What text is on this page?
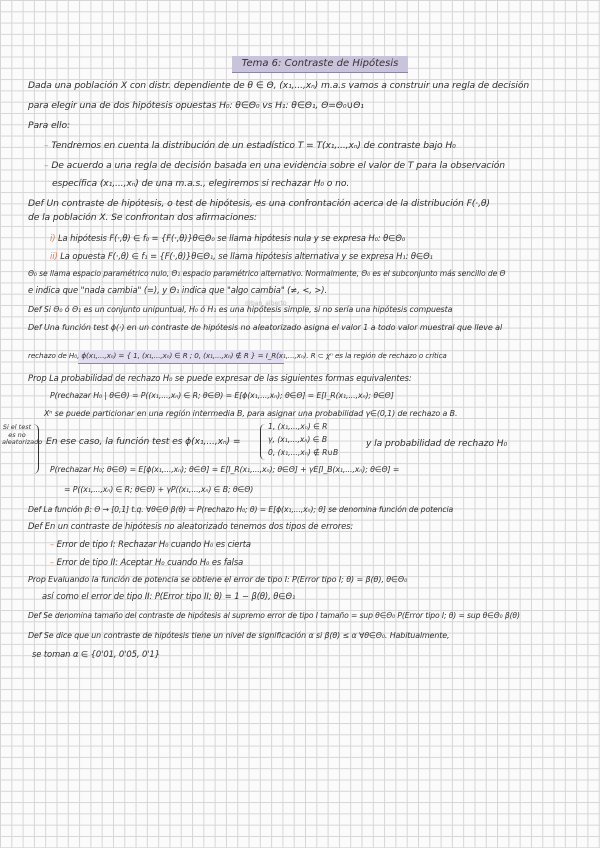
Tema 6: Contraste de Hipótesis
@ban_alberto
Dada una población X con distr. dependiente de θ ∈ Θ, (x₁,...,xₙ) m.a.s vamos a construir una regla de decisión
para elegir una de dos hipótesis opuestas H₀: θ∈Θ₀ vs H₁: θ∈Θ₁, Θ=Θ₀∪Θ₁
Para ello:
– Tendremos en cuenta la distribución de un estadístico T = T(x₁,...,xₙ) de contraste bajo H₀
– De acuerdo a una regla de decisión basada en una evidencia sobre el valor de T para la observación
específica (x₁,...,xₙ) de una m.a.s., elegiremos si rechazar H₀ o no.
Def Un contraste de hipótesis, o test de hipótesis, es una confrontación acerca de la distribución F(·,θ)
de la población X. Se confrontan dos afirmaciones:
i) La hipótesis F(·,θ) ∈ f₀ = {F(·,θ)}θ∈Θ₀ se llama hipótesis nula y se expresa H₀: θ∈Θ₀
ii) La opuesta F(·,θ) ∈ f₁ = {F(·,θ)}θ∈Θ₁, se llama hipótesis alternativa y se expresa H₁: θ∈Θ₁
Θ₀ se llama espacio paramétrico nulo, Θ₁ espacio paramétrico alternativo. Normalmente, Θ₀ es el subconjunto más sencillo de Θ
e indica que "nada cambia" (=), y Θ₁ indica que "algo cambia" (≠, <, >).
Def Si Θ₀ ó Θ₁ es un conjunto unipuntual, H₀ ó H₁ es una hipótesis simple, si no sería una hipótesis compuesta
Def Una función test ϕ(·) en un contraste de hipótesis no aleatorizado asigna el valor 1 a todo valor muestral que lleve al
rechazo de H₀, ϕ(x₁,...,xₙ) = { 1, (x₁,...,xₙ) ∈ R ; 0, (x₁,...,xₙ) ∉ R } = I_R(x₁,...,xₙ). R ⊂ χⁿ es la región de rechazo o crítica
Prop La probabilidad de rechazo H₀ se puede expresar de las siguientes formas equivalentes:
P(rechazar H₀ | θ∈Θ) = P((x₁,...,xₙ) ∈ R; θ∈Θ) = E[ϕ(x₁,...,xₙ); θ∈Θ] = E[I_R(x₁,...,xₙ); θ∈Θ]
Xⁿ se puede particionar en una región intermedia B, para asignar una probabilidad γ∈(0,1) de rechazo a B.
Si el test es no aleatorizado En ese caso, la función test es ϕ(x₁,...,xₙ) =
1, (x₁,...,xₙ) ∈ R
γ, (x₁,...,xₙ) ∈ B
0, (x₁,...,xₙ) ∉ R∪B
y la probabilidad de rechazo H₀
P(rechazar H₀; θ∈Θ) = E[ϕ(x₁,...,xₙ); θ∈Θ] = E[I_R(x₁,...,xₙ); θ∈Θ] + γE[I_B(x₁,...,xₙ); θ∈Θ] =
= P((x₁,...,xₙ) ∈ R; θ∈Θ) + γP((x₁,...,xₙ) ∈ B; θ∈Θ)
Def La función β: Θ → [0,1] t.q. ∀θ∈Θ β(θ) = P(rechazo H₀; θ) = E[ϕ(x₁,...,xₙ); θ] se denomina función de potencia
Def En un contraste de hipótesis no aleatorizado tenemos dos tipos de errores:
– Error de tipo I: Rechazar H₀ cuando H₀ es cierta
– Error de tipo II: Aceptar H₀ cuando H₀ es falsa
Prop Evaluando la función de potencia se obtiene el error de tipo I: P(Error tipo I; θ) = β(θ), θ∈Θ₀
así como el error de tipo II: P(Error tipo II; θ) = 1 − β(θ), θ∈Θ₁
Def Se denomina tamaño del contraste de hipótesis al supremo error de tipo I tamaño = sup θ∈Θ₀ P(Error tipo I; θ) = sup θ∈Θ₀ β(θ)
Def Se dice que un contraste de hipótesis tiene un nivel de significación α si β(θ) ≤ α ∀θ∈Θ₀. Habitualmente,
se toman α ∈ {0'01, 0'05, 0'1}
